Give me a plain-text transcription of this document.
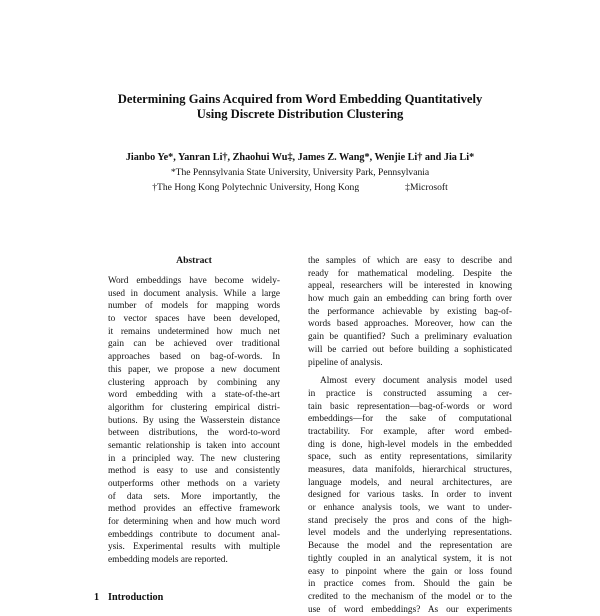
Determining Gains Acquired from Word Embedding Quantitatively
Using Discrete Distribution Clustering
Jianbo Ye*, Yanran Li†, Zhaohui Wu‡, James Z. Wang*, Wenjie Li† and Jia Li*
*The Pennsylvania State University, University Park, Pennsylvania
†The Hong Kong Polytechnic University, Hong Kong	‡Microsoft
Abstract
Word embeddings have become widely-
used in document analysis. While a large
number of models for mapping words
to vector spaces have been developed,
it remains undetermined how much net
gain can be achieved over traditional
approaches based on bag-of-words. In
this paper, we propose a new document
clustering approach by combining any
word embedding with a state-of-the-art
algorithm for clustering empirical distri-
butions. By using the Wasserstein distance
between distributions, the word-to-word
semantic relationship is taken into account
in a principled way. The new clustering
method is easy to use and consistently
outperforms other methods on a variety
of data sets. More importantly, the
method provides an effective framework
for determining when and how much word
embeddings contribute to document anal-
ysis. Experimental results with multiple
embedding models are reported.
the samples of which are easy to describe and
ready for mathematical modeling. Despite the
appeal, researchers will be interested in knowing
how much gain an embedding can bring forth over
the performance achievable by existing bag-of-
words based approaches. Moreover, how can the
gain be quantified? Such a preliminary evaluation
will be carried out before building a sophisticated
pipeline of analysis.
Almost every document analysis model used
in practice is constructed assuming a cer-
tain basic representation—bag-of-words or word
embeddings—for the sake of computational
tractability. For example, after word embed-
ding is done, high-level models in the embedded
space, such as entity representations, similarity
measures, data manifolds, hierarchical structures,
language models, and neural architectures, are
designed for various tasks. In order to invent
or enhance analysis tools, we want to under-
stand precisely the pros and cons of the high-
level models and the underlying representations.
Because the model and the representation are
tightly coupled in an analytical system, it is not
easy to pinpoint where the gain or loss found
in practice comes from. Should the gain be
credited to the mechanism of the model or to the
use of word embeddings? As our experiments
1 Introduction
